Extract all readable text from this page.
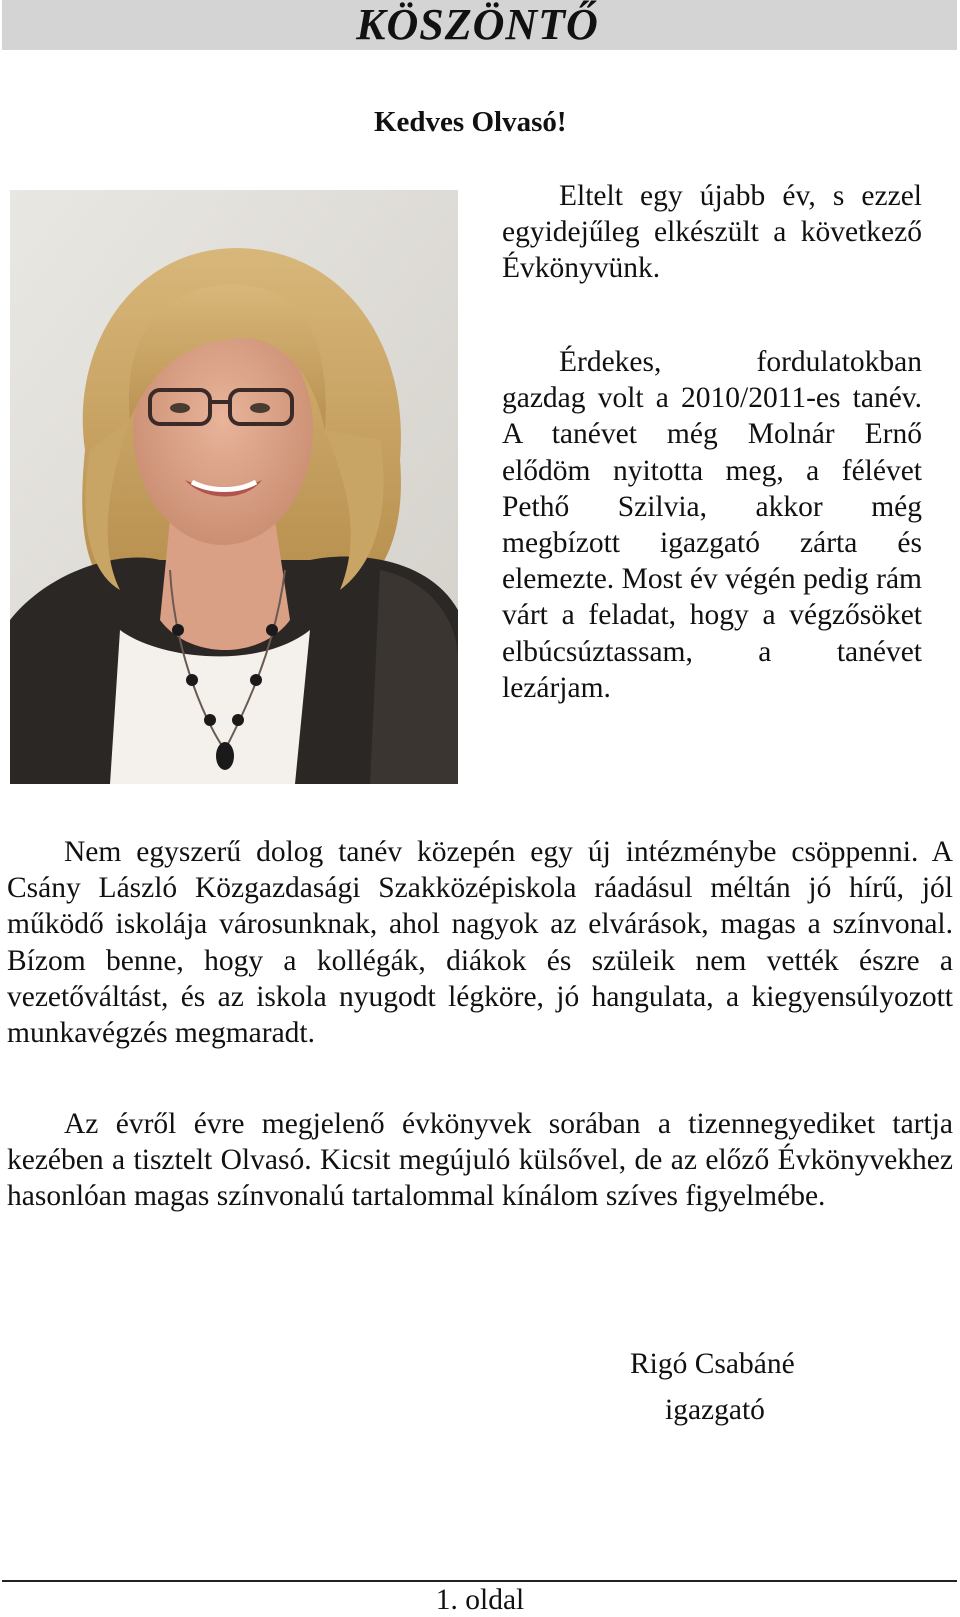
KÖSZÖNTŐ
Kedves Olvasó!

Eltelt egy újabb év, s ezzel egyidejűleg elkészült a következő Évkönyvünk.

Érdekes, fordulatokban gazdag volt a 2010/2011-es tanév. A tanévet még Molnár Ernő elődöm nyitotta meg, a félévet Pethő Szilvia, akkor még megbízott igazgató zárta és elemezte. Most év végén pedig rám várt a feladat, hogy a végzősöket elbúcsúztassam, a tanévet lezárjam.

Nem egyszerű dolog tanév közepén egy új intézménybe csöppenni. A Csány László Közgazdasági Szakközépiskola ráadásul méltán jó hírű, jól működő iskolája városunknak, ahol nagyok az elvárások, magas a színvonal. Bízom benne, hogy a kollégák, diákok és szüleik nem vették észre a vezetőváltást, és az iskola nyugodt légköre, jó hangulata, a kiegyensúlyozott munkavégzés megmaradt.

Az évről évre megjelenő évkönyvek sorában a tizennegyediket tartja kezében a tisztelt Olvasó. Kicsit megújuló külsővel, de az előző Évkönyvekhez hasonlóan magas színvonalú tartalommal kínálom szíves figyelmébe.

Rigó Csabáné
igazgató
1. oldal
